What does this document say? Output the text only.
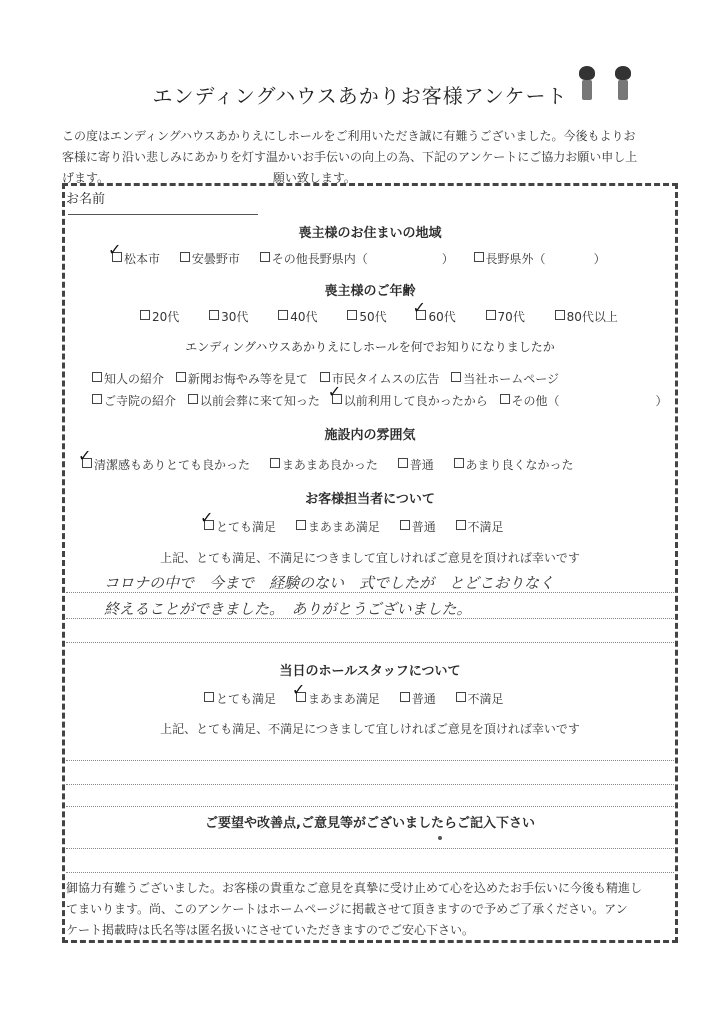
エンディングハウスあかりお客様アンケート
この度はエンディングハウスあかりえにしホールをご利用いただき誠に有難うございました。今後もよりお
客様に寄り沿い悲しみにあかりを灯す温かいお手伝いの向上の為、下記のアンケートにご協力お願い申し上
げます。	願い致します。
お名前
喪主様のお住まいの地域
✓ 松本市	安曇野市	その他長野県内（	）	長野県外（	）
喪主様のご年齢
20代	30代	40代	50代 ✓ 60代	70代	80代以上
エンディングハウスあかりえにしホールを何でお知りになりましたか
知人の紹介 新聞お悔やみ等を見て 市民タイムスの広告 当社ホームページ
ご寺院の紹介 以前会葬に来て知った ✓ 以前利用して良かったから その他（	）
施設内の雰囲気
✓ 清潔感もありとても良かった	まあまあ良かった	普通	あまり良くなかった
お客様担当者について
✓ とても満足	まあまあ満足	普通	不満足
上記、とても満足、不満足につきまして宜しければご意見を頂ければ幸いです
コロナの中で　今まで　経験のない　式でしたが　とどこおりなく
終えることができました。　ありがとうございました。
当日のホールスタッフについて
とても満足 ✓ まあまあ満足	普通	不満足
上記、とても満足、不満足につきまして宜しければご意見を頂ければ幸いです
ご要望や改善点,ご意見等がございましたらご記入下さい
御協力有難うございました。お客様の貴重なご意見を真摯に受け止めて心を込めたお手伝いに今後も精進し
てまいります。尚、このアンケートはホームページに掲載させて頂きますので予めご了承ください。アン
ケート掲載時は氏名等は匿名扱いにさせていただきますのでご安心下さい。
